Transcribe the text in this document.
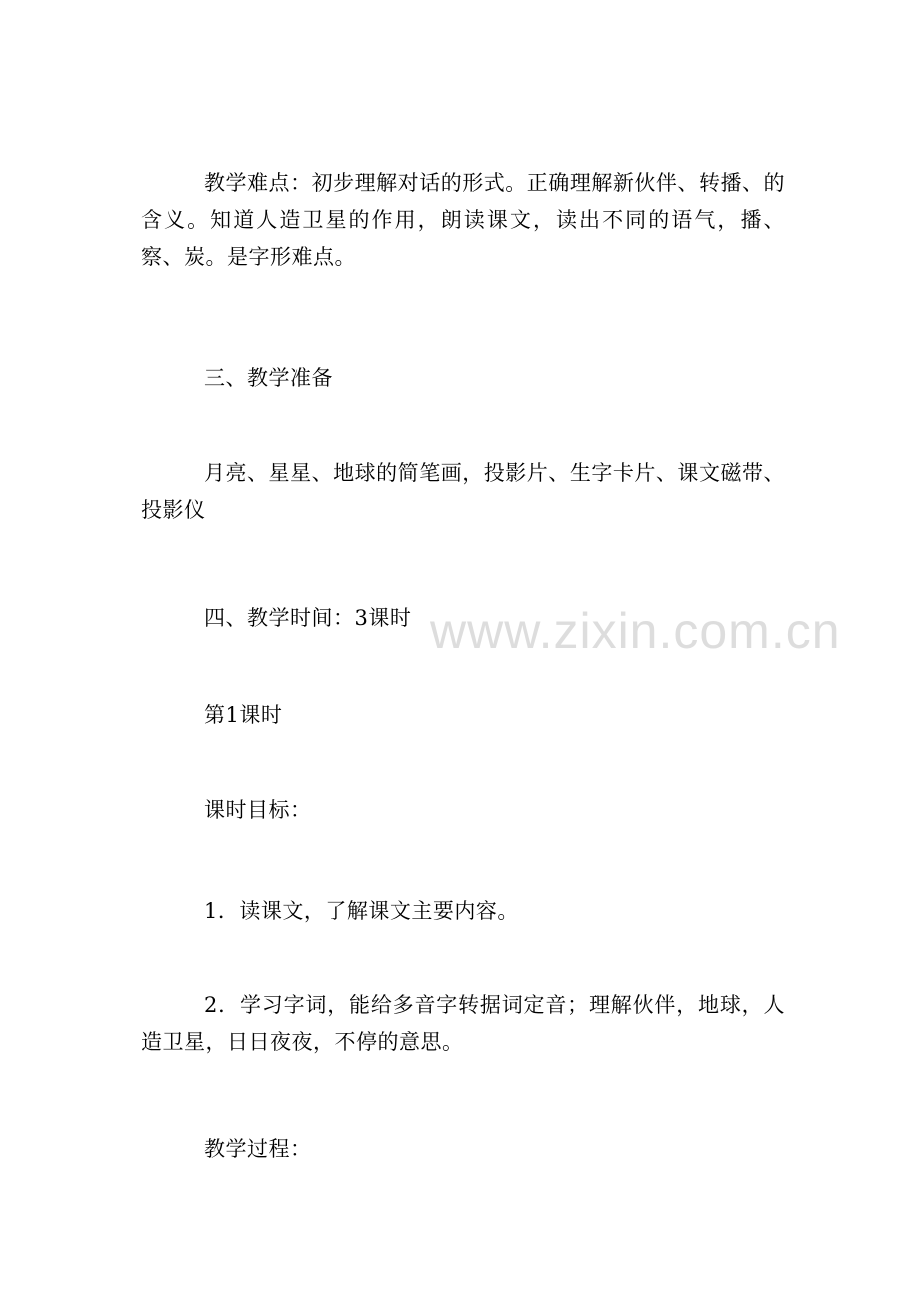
教学难点：初步理解对话的形式。正确理解新伙伴、转播、的含义。知道人造卫星的作用，朗读课文，读出不同的语气，播、察、炭。是字形难点。

三、教学准备

月亮、星星、地球的简笔画，投影片、生字卡片、课文磁带、投影仪

四、教学时间：3课时

第1课时

课时目标：

1．读课文，了解课文主要内容。

2．学习字词，能给多音字转据词定音；理解伙伴，地球，人造卫星，日日夜夜，不停的意思。

教学过程：

www.zixin.com.cn
